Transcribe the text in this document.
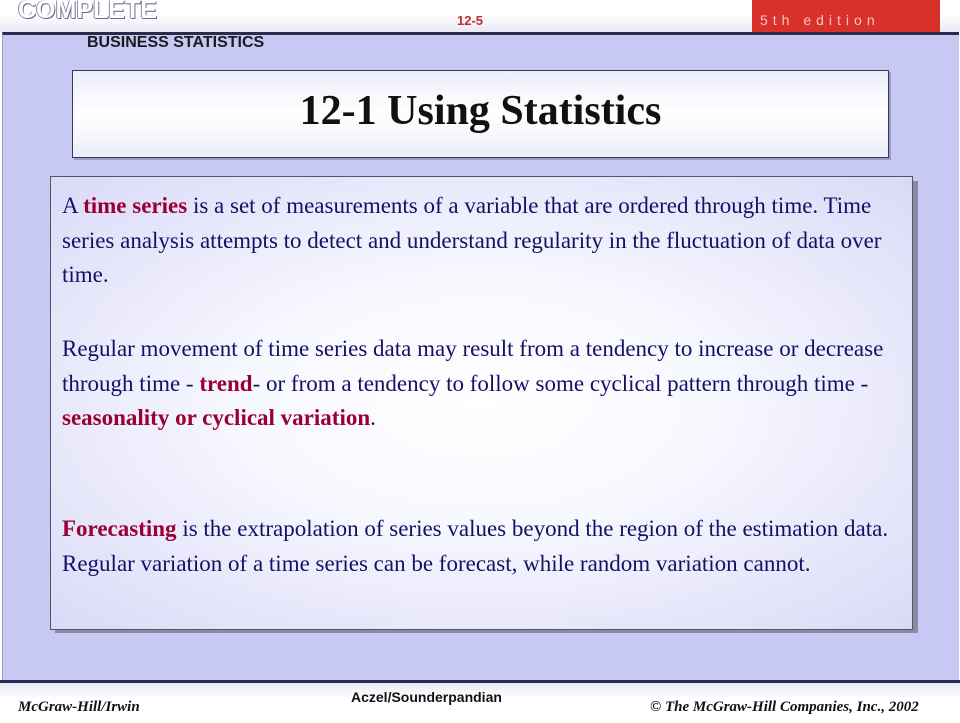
COMPLETE	12-5	5th edition
BUSINESS STATISTICS
12-1 Using Statistics

A time series is a set of measurements of a variable that are ordered through time. Time series analysis attempts to detect and understand regularity in the fluctuation of data over time.

Regular movement of time series data may result from a tendency to increase or decrease through time - trend- or from a tendency to follow some cyclical pattern through time - seasonality or cyclical variation.

Forecasting is the extrapolation of series values beyond the region of the estimation data. Regular variation of a time series can be forecast, while random variation cannot.

McGraw-Hill/Irwin
Aczel/Sounderpandian
© The McGraw-Hill Companies, Inc., 2002
